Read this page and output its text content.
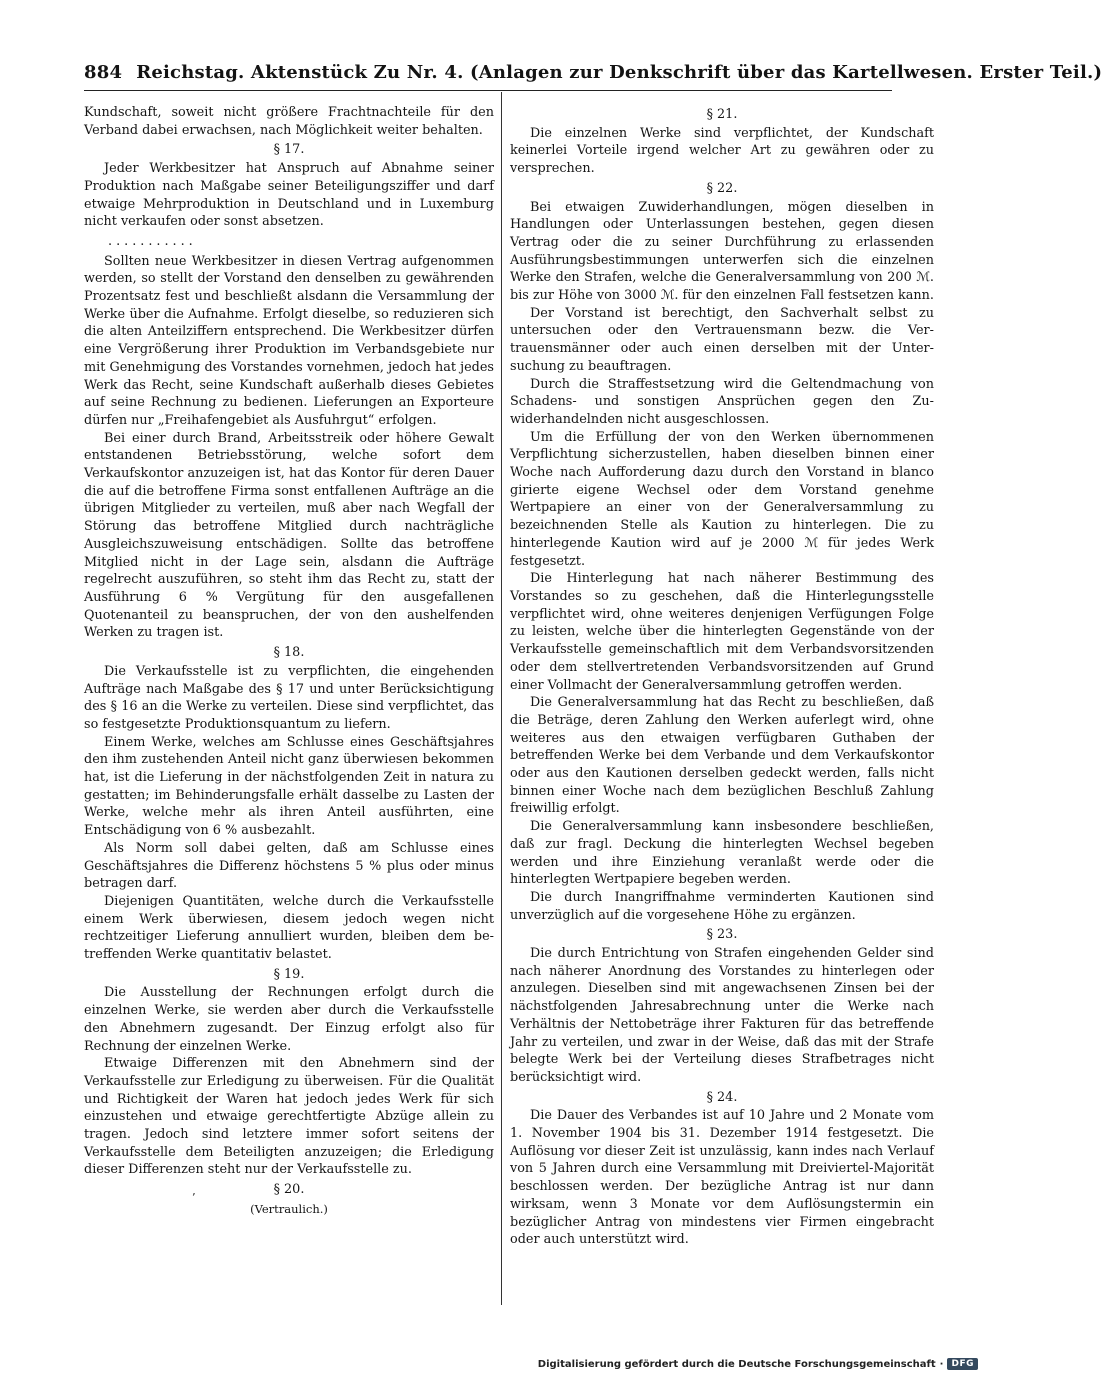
884 Reichstag. Aktenstück Zu Nr. 4. (Anlagen zur Denkschrift über das Kartellwesen. Erster Teil.)

Kundschaft, soweit nicht größere Frachtnachteile für den Verband dabei erwachsen, nach Möglichkeit weiter behalten.

§ 17.

Jeder Werkbesitzer hat Anspruch auf Abnahme seiner Produktion nach Maßgabe seiner Beteiligungsziffer und darf etwaige Mehrproduktion in Deutschland und in Luxemburg nicht verkaufen oder sonst absetzen.

...........

Sollten neue Werkbesitzer in diesen Vertrag aufgenommen werden, so stellt der Vorstand den denselben zu gewährenden Prozentsatz fest und beschließt alsdann die Versammlung der Werke über die Aufnahme. Erfolgt dieselbe, so reduzieren sich die alten Anteilziffern entsprechend. Die Werkbesitzer dürfen eine Vergrößerung ihrer Produktion im Verbandsgebiete nur mit Genehmigung des Vorstandes vornehmen, jedoch hat jedes Werk das Recht, seine Kundschaft außerhalb dieses Gebietes auf seine Rechnung zu bedienen. Lieferungen an Exporteure dürfen nur „Freihafengebiet als Ausfuhrgut“ erfolgen.

Bei einer durch Brand, Arbeitsstreik oder höhere Gewalt entstandenen Betriebsstörung, welche sofort dem Verkaufskontor anzuzeigen ist, hat das Kontor für deren Dauer die auf die betroffene Firma sonst entfallenen Aufträge an die übrigen Mitglieder zu verteilen, muß aber nach Wegfall der Störung das betroffene Mitglied durch nachträgliche Ausgleichszuweisung entschädigen. Sollte das betroffene Mitglied nicht in der Lage sein, alsdann die Aufträge regelrecht auszuführen, so steht ihm das Recht zu, statt der Ausführung 6 % Vergütung für den ausgefallenen Quotenanteil zu beanspruchen, der von den aushelfenden Werken zu tragen ist.

§ 18.

Die Verkaufsstelle ist zu verpflichten, die eingehenden Aufträge nach Maßgabe des § 17 und unter Berücksichtigung des § 16 an die Werke zu verteilen. Diese sind verpflichtet, das so festgesetzte Produktionsquantum zu liefern.

Einem Werke, welches am Schlusse eines Geschäftsjahres den ihm zustehenden Anteil nicht ganz überwiesen bekommen hat, ist die Lieferung in der nächstfolgenden Zeit in natura zu gestatten; im Behinderungsfalle erhält dasselbe zu Lasten der Werke, welche mehr als ihren Anteil ausführten, eine Entschädigung von 6 % ausbezahlt.

Als Norm soll dabei gelten, daß am Schlusse eines Geschäftsjahres die Differenz höchstens 5 % plus oder minus betragen darf.

Diejenigen Quantitäten, welche durch die Verkaufsstelle einem Werk überwiesen, diesem jedoch wegen nicht rechtzeitiger Lieferung annulliert wurden, bleiben dem betreffenden Werke quantitativ belastet.

§ 19.

Die Ausstellung der Rechnungen erfolgt durch die einzelnen Werke, sie werden aber durch die Verkaufsstelle den Abnehmern zugesandt. Der Einzug erfolgt also für Rechnung der einzelnen Werke.

Etwaige Differenzen mit den Abnehmern sind der Verkaufsstelle zur Erledigung zu überweisen. Für die Qualität und Richtigkeit der Waren hat jedoch jedes Werk für sich einzustehen und etwaige gerechtfertigte Abzüge allein zu tragen. Jedoch sind letztere immer sofort seitens der Verkaufsstelle dem Beteiligten anzuzeigen; die Erledigung dieser Differenzen steht nur der Verkaufsstelle zu.

§ 20.
’
(Vertraulich.)
§ 21.

Die einzelnen Werke sind verpflichtet, der Kundschaft keinerlei Vorteile irgend welcher Art zu gewähren oder zu versprechen.

§ 22.

Bei etwaigen Zuwiderhandlungen, mögen dieselben in Handlungen oder Unterlassungen bestehen, gegen diesen Vertrag oder die zu seiner Durchführung zu erlassenden Ausführungsbestimmungen unterwerfen sich die einzelnen Werke den Strafen, welche die Generalversammlung von 200 ℳ. bis zur Höhe von 3000 ℳ. für den einzelnen Fall festsetzen kann.

Der Vorstand ist berechtigt, den Sachverhalt selbst zu untersuchen oder den Vertrauensmann bezw. die Vertrauensmänner oder auch einen derselben mit der Untersuchung zu beauftragen.

Durch die Straffestsetzung wird die Geltendmachung von Schadens- und sonstigen Ansprüchen gegen den Zuwiderhandelnden nicht ausgeschlossen.

Um die Erfüllung der von den Werken übernommenen Verpflichtung sicherzustellen, haben dieselben binnen einer Woche nach Aufforderung dazu durch den Vorstand in blanco girierte eigene Wechsel oder dem Vorstand genehme Wertpapiere an einer von der Generalversammlung zu bezeichnenden Stelle als Kaution zu hinterlegen. Die zu hinterlegende Kaution wird auf je 2000 ℳ für jedes Werk festgesetzt.

Die Hinterlegung hat nach näherer Bestimmung des Vorstandes so zu geschehen, daß die Hinterlegungsstelle verpflichtet wird, ohne weiteres denjenigen Verfügungen Folge zu leisten, welche über die hinterlegten Gegenstände von der Verkaufsstelle gemeinschaftlich mit dem Verbandsvorsitzenden oder dem stellvertretenden Verbandsvorsitzenden auf Grund einer Vollmacht der Generalversammlung getroffen werden.

Die Generalversammlung hat das Recht zu beschließen, daß die Beträge, deren Zahlung den Werken auferlegt wird, ohne weiteres aus den etwaigen verfügbaren Guthaben der betreffenden Werke bei dem Verbande und dem Verkaufskontor oder aus den Kautionen derselben gedeckt werden, falls nicht binnen einer Woche nach dem bezüglichen Beschluß Zahlung freiwillig erfolgt.

Die Generalversammlung kann insbesondere beschließen, daß zur fragl. Deckung die hinterlegten Wechsel begeben werden und ihre Einziehung veranlaßt werde oder die hinterlegten Wertpapiere begeben werden.

Die durch Inangriffnahme verminderten Kautionen sind unverzüglich auf die vorgesehene Höhe zu ergänzen.

§ 23.

Die durch Entrichtung von Strafen eingehenden Gelder sind nach näherer Anordnung des Vorstandes zu hinterlegen oder anzulegen. Dieselben sind mit angewachsenen Zinsen bei der nächstfolgenden Jahresabrechnung unter die Werke nach Verhältnis der Nettobeträge ihrer Fakturen für das betreffende Jahr zu verteilen, und zwar in der Weise, daß das mit der Strafe belegte Werk bei der Verteilung dieses Strafbetrages nicht berücksichtigt wird.

§ 24.

Die Dauer des Verbandes ist auf 10 Jahre und 2 Monate vom 1. November 1904 bis 31. Dezember 1914 festgesetzt. Die Auflösung vor dieser Zeit ist unzulässig, kann indes nach Verlauf von 5 Jahren durch eine Versammlung mit Dreiviertel-Majorität beschlossen werden. Der bezügliche Antrag ist nur dann wirksam, wenn 3 Monate vor dem Auflösungstermin ein bezüglicher Antrag von mindestens vier Firmen eingebracht oder auch unterstützt wird.

Digitalisierung gefördert durch die Deutsche Forschungsgemeinschaft · DFG
